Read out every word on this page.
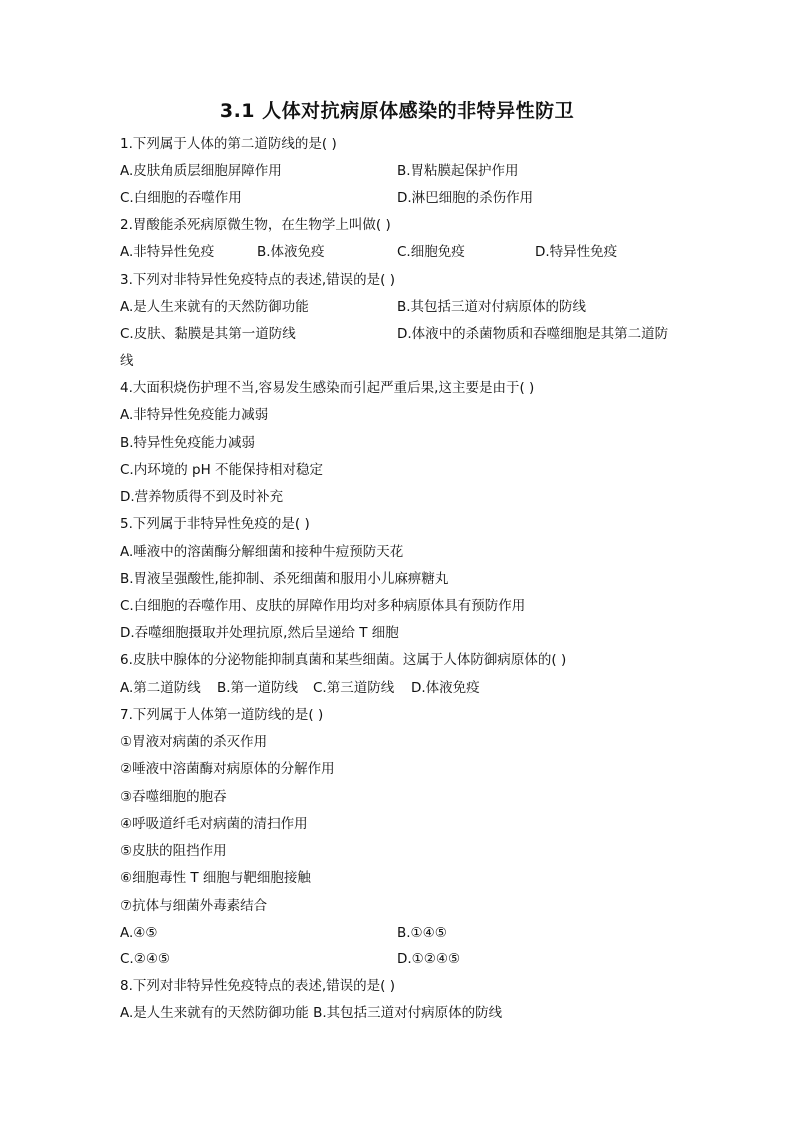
3.1 人体对抗病原体感染的非特异性防卫
1.下列属于人体的第二道防线的是( )
A.皮肤角质层细胞屏障作用	B.胃粘膜起保护作用
C.白细胞的吞噬作用	D.淋巴细胞的杀伤作用
2.胃酸能杀死病原微生物，在生物学上叫做( )
A.非特异性免疫	B.体液免疫	C.细胞免疫	D.特异性免疫
3.下列对非特异性免疫特点的表述,错误的是( )
A.是人生来就有的天然防御功能	B.其包括三道对付病原体的防线
C.皮肤、黏膜是其第一道防线	D.体液中的杀菌物质和吞噬细胞是其第二道防
线
4.大面积烧伤护理不当,容易发生感染而引起严重后果,这主要是由于( )
A.非特异性免疫能力减弱
B.特异性免疫能力减弱
C.内环境的 pH 不能保持相对稳定
D.营养物质得不到及时补充
5.下列属于非特异性免疫的是( )
A.唾液中的溶菌酶分解细菌和接种牛痘预防天花
B.胃液呈强酸性,能抑制、杀死细菌和服用小儿麻痹糖丸
C.白细胞的吞噬作用、皮肤的屏障作用均对多种病原体具有预防作用
D.吞噬细胞摄取并处理抗原,然后呈递给 T 细胞
6.皮肤中腺体的分泌物能抑制真菌和某些细菌。这属于人体防御病原体的( )
A.第二道防线 B.第一道防线 C.第三道防线 D.体液免疫
7.下列属于人体第一道防线的是( )
①胃液对病菌的杀灭作用
②唾液中溶菌酶对病原体的分解作用
③吞噬细胞的胞吞
④呼吸道纤毛对病菌的清扫作用
⑤皮肤的阻挡作用
⑥细胞毒性 T 细胞与靶细胞接触
⑦抗体与细菌外毒素结合
A.④⑤	B.①④⑤
C.②④⑤	D.①②④⑤
8.下列对非特异性免疫特点的表述,错误的是( )
A.是人生来就有的天然防御功能 B.其包括三道对付病原体的防线
